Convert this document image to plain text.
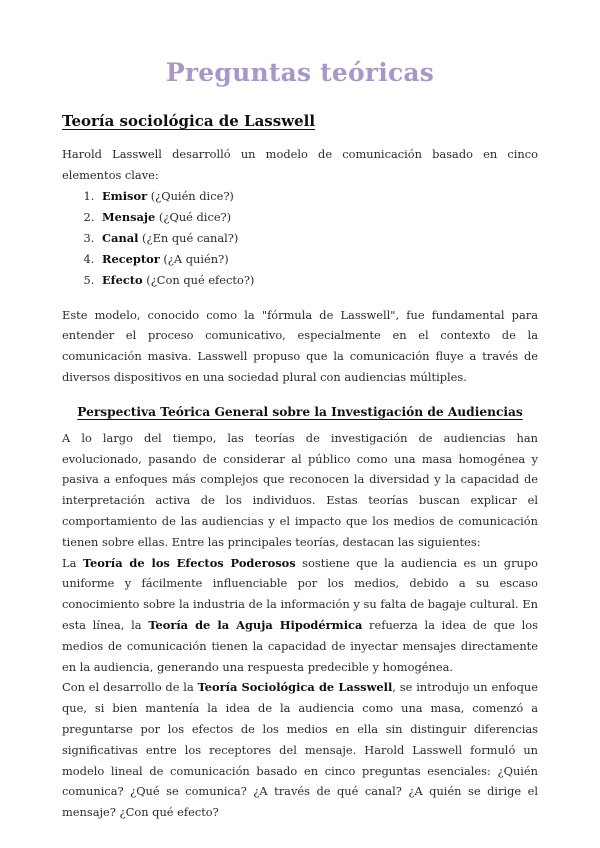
Preguntas teóricas
Teoría sociológica de Lasswell

Harold Lasswell desarrolló un modelo de comunicación basado en cinco elementos clave:

1. Emisor (¿Quién dice?)
2. Mensaje (¿Qué dice?)
3. Canal (¿En qué canal?)
4. Receptor (¿A quién?)
5. Efecto (¿Con qué efecto?)

Este modelo, conocido como la "fórmula de Lasswell", fue fundamental para entender el proceso comunicativo, especialmente en el contexto de la comunicación masiva. Lasswell propuso que la comunicación fluye a través de diversos dispositivos en una sociedad plural con audiencias múltiples.

Perspectiva Teórica General sobre la Investigación de Audiencias

A lo largo del tiempo, las teorías de investigación de audiencias han evolucionado, pasando de considerar al público como una masa homogénea y pasiva a enfoques más complejos que reconocen la diversidad y la capacidad de interpretación activa de los individuos. Estas teorías buscan explicar el comportamiento de las audiencias y el impacto que los medios de comunicación tienen sobre ellas. Entre las principales teorías, destacan las siguientes:

La Teoría de los Efectos Poderosos sostiene que la audiencia es un grupo uniforme y fácilmente influenciable por los medios, debido a su escaso conocimiento sobre la industria de la información y su falta de bagaje cultural. En esta línea, la Teoría de la Aguja Hipodérmica refuerza la idea de que los medios de comunicación tienen la capacidad de inyectar mensajes directamente en la audiencia, generando una respuesta predecible y homogénea.

Con el desarrollo de la Teoría Sociológica de Lasswell, se introdujo un enfoque que, si bien mantenía la idea de la audiencia como una masa, comenzó a preguntarse por los efectos de los medios en ella sin distinguir diferencias significativas entre los receptores del mensaje. Harold Lasswell formuló un modelo lineal de comunicación basado en cinco preguntas esenciales: ¿Quién comunica? ¿Qué se comunica? ¿A través de qué canal? ¿A quién se dirige el mensaje? ¿Con qué efecto?
